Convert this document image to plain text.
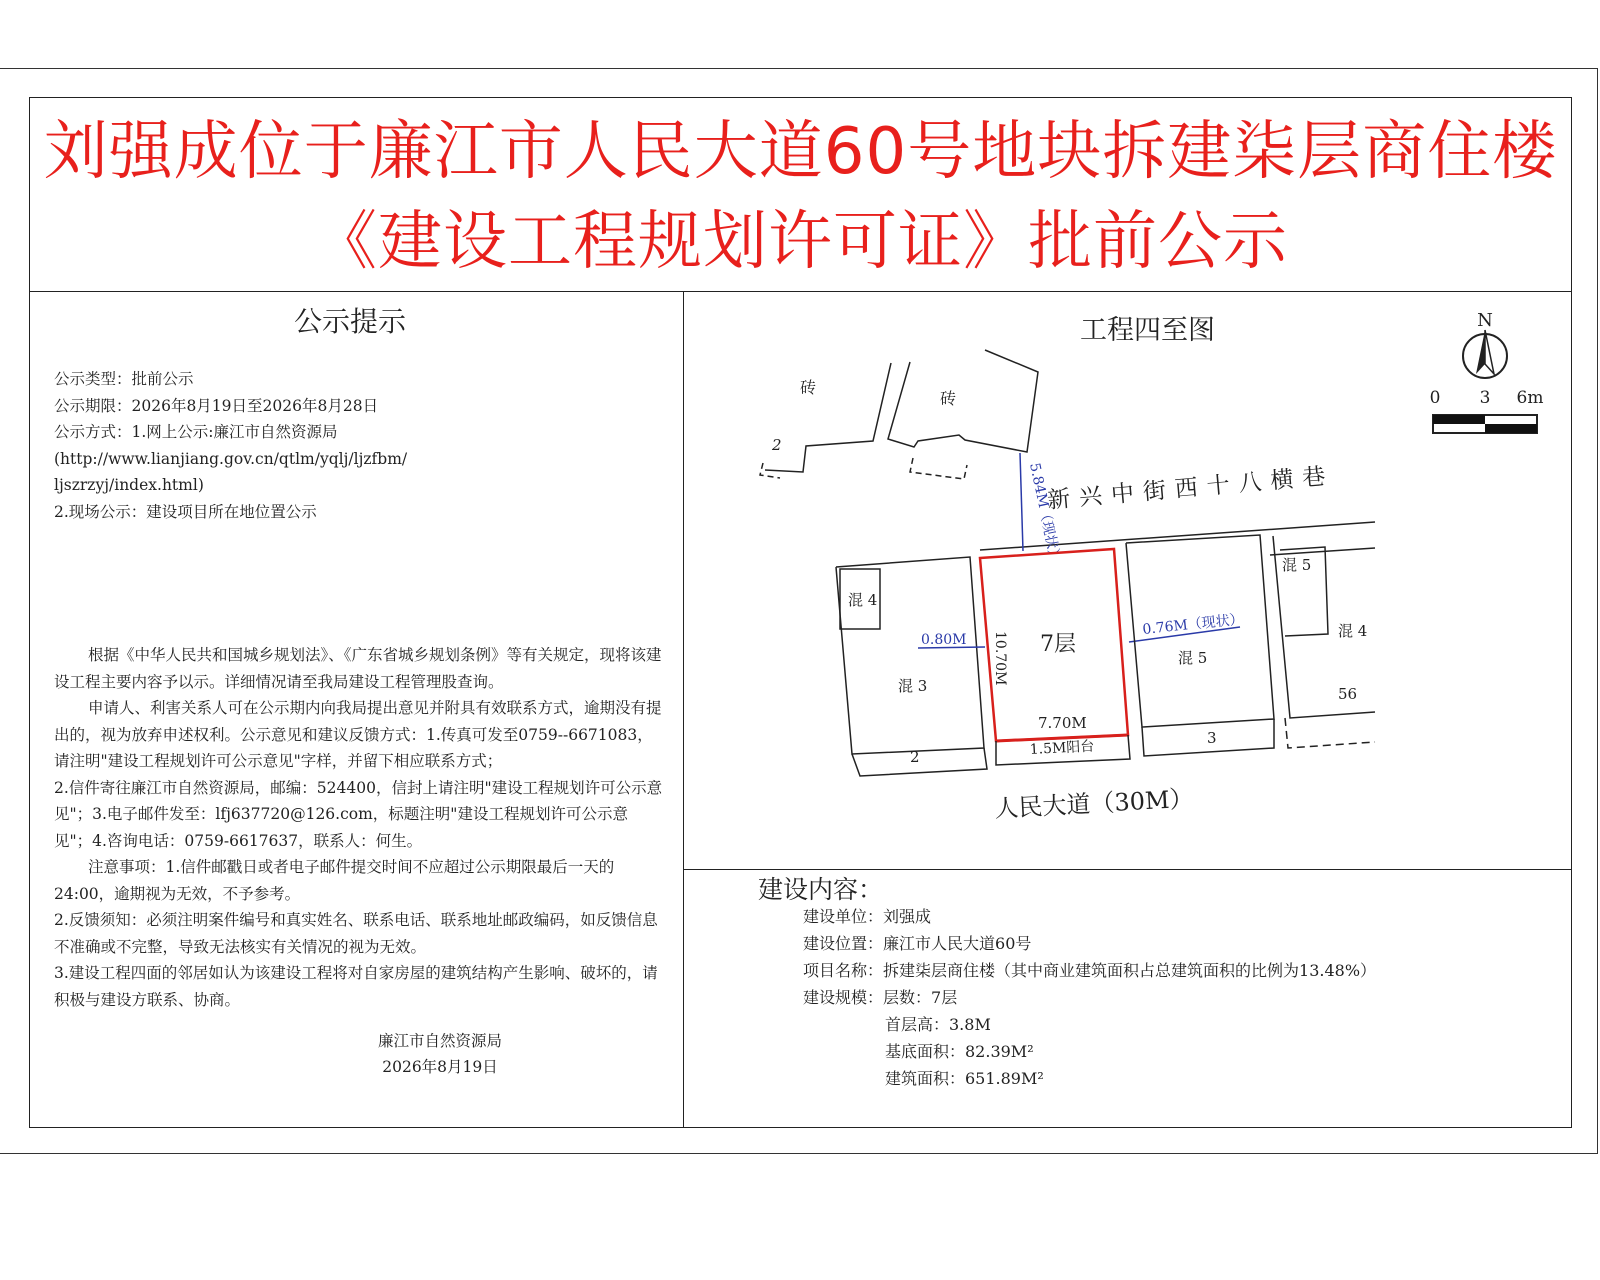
刘强成位于廉江市人民大道60号地块拆建柒层商住楼
《建设工程规划许可证》批前公示
公示提示
公示类型：批前公示
公示期限：2026年8月19日至2026年8月28日
公示方式：1.网上公示:廉江市自然资源局
(http://www.lianjiang.gov.cn/qtlm/yqlj/ljzfbm/
ljszrzyj/index.html)
2.现场公示：建设项目所在地位置公示

根据《中华人民共和国城乡规划法》、《广东省城乡规划条例》等有关规定，现将该建设工程主要内容予以示。详细情况请至我局建设工程管理股查询。

申请人、利害关系人可在公示期内向我局提出意见并附具有效联系方式，逾期没有提出的，视为放弃申述权利。公示意见和建议反馈方式：1.传真可发至0759--6671083，请注明"建设工程规划许可公示意见"字样，并留下相应联系方式；

2.信件寄往廉江市自然资源局，邮编：524400，信封上请注明"建设工程规划许可公示意见"；3.电子邮件发至：lfj637720@126.com，标题注明"建设工程规划许可公示意见"；4.咨询电话：0759-6617637，联系人：何生。

注意事项：1.信件邮戳日或者电子邮件提交时间不应超过公示期限最后一天的24:00，逾期视为无效，不予参考。

2.反馈须知：必须注明案件编号和真实姓名、联系电话、联系地址邮政编码，如反馈信息不准确或不完整，导致无法核实有关情况的视为无效。

3.建设工程四面的邻居如认为该建设工程将对自家房屋的建筑结构产生影响、破坏的，请积极与建设方联系、协商。

廉江市自然资源局
2026年8月19日
工程四至图	N
0 3 6m
砖
砖
2
新兴中街西十八横巷
5.84M（现状）
混 4
混 3
2
7层
7.70M
1.5M阳台
10.70M
0.80M
0.76M（现状）
混 5
3
混 5
混 4
56
人民大道（30M）
建设内容：
建设单位：刘强成
建设位置：廉江市人民大道60号
项目名称：拆建柒层商住楼（其中商业建筑面积占总建筑面积的比例为13.48%）
建设规模：层数：7层
首层高：3.8M
基底面积：82.39M²
建筑面积：651.89M²
